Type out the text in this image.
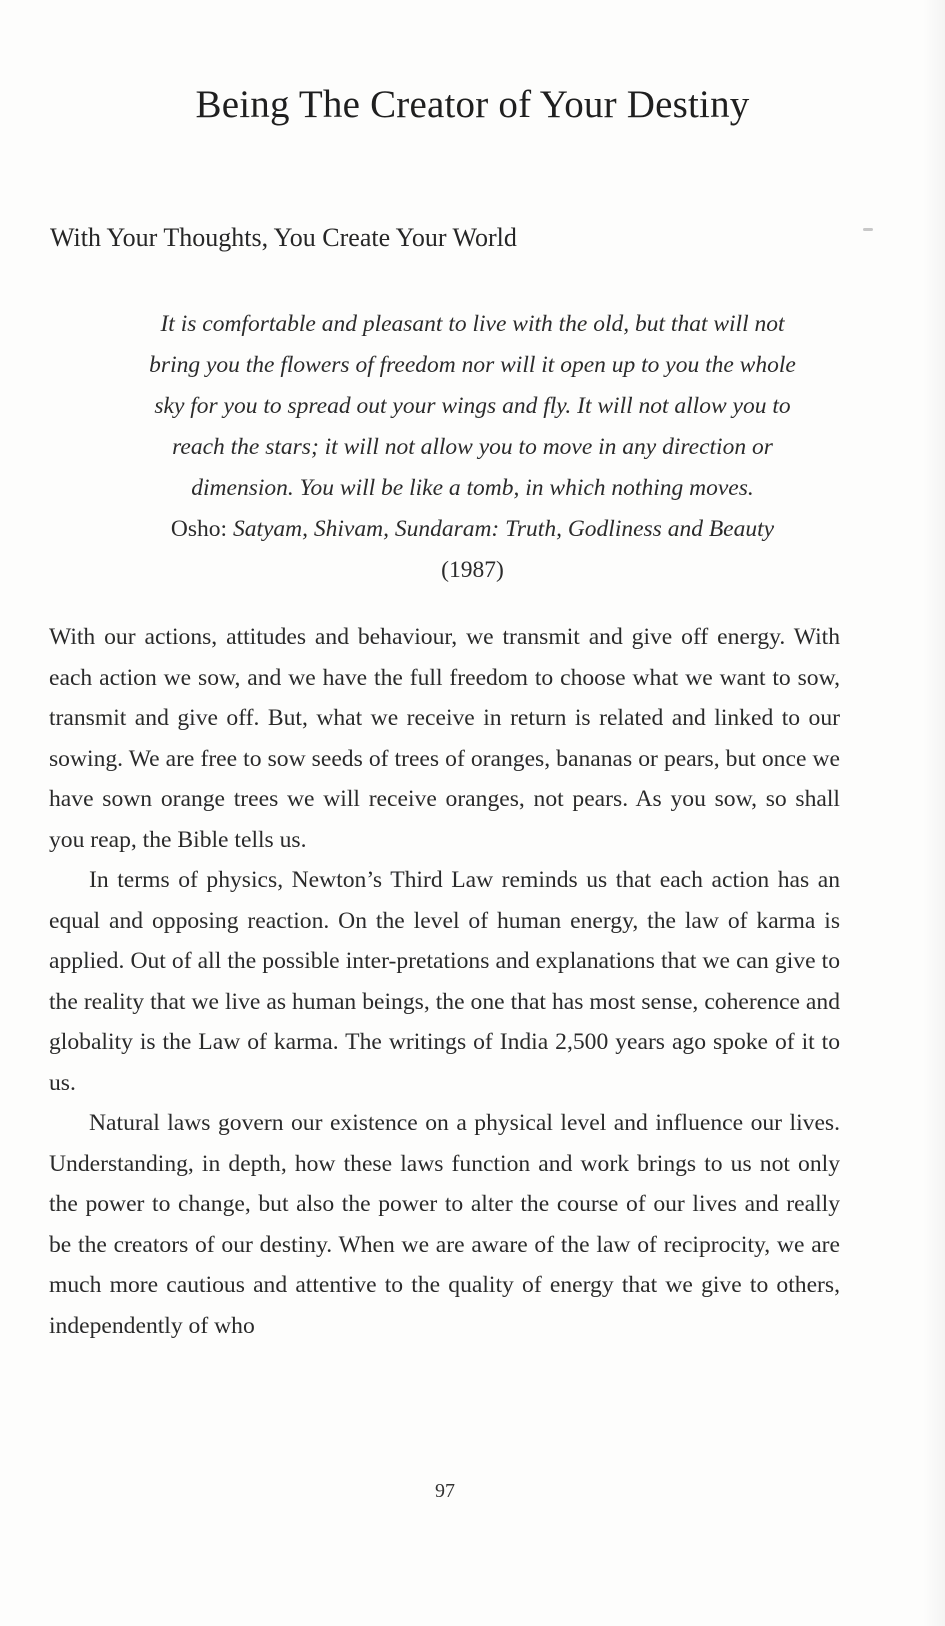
Being The Creator of Your Destiny
With Your Thoughts, You Create Your World
It is comfortable and pleasant to live with the old, but that will not
bring you the flowers of freedom nor will it open up to you the whole
sky for you to spread out your wings and fly. It will not allow you to
reach the stars; it will not allow you to move in any direction or
dimension. You will be like a tomb, in which nothing moves.
Osho: Satyam, Shivam, Sundaram: Truth, Godliness and Beauty
(1987)

With our actions, attitudes and behaviour, we transmit and give off energy. With each action we sow, and we have the full freedom to choose what we want to sow, transmit and give off. But, what we receive in return is related and linked to our sowing. We are free to sow seeds of trees of oranges, bananas or pears, but once we have sown orange trees we will receive oranges, not pears. As you sow, so shall you reap, the Bible tells us.

In terms of physics, Newton’s Third Law reminds us that each action has an equal and opposing reaction. On the level of human energy, the law of karma is applied. Out of all the possible inter-pretations and explanations that we can give to the reality that we live as human beings, the one that has most sense, coherence and globality is the Law of karma. The writings of India 2,500 years ago spoke of it to us.

Natural laws govern our existence on a physical level and influence our lives. Understanding, in depth, how these laws function and work brings to us not only the power to change, but also the power to alter the course of our lives and really be the creators of our destiny. When we are aware of the law of reciprocity, we are much more cautious and attentive to the quality of energy that we give to others, independently of who

97
